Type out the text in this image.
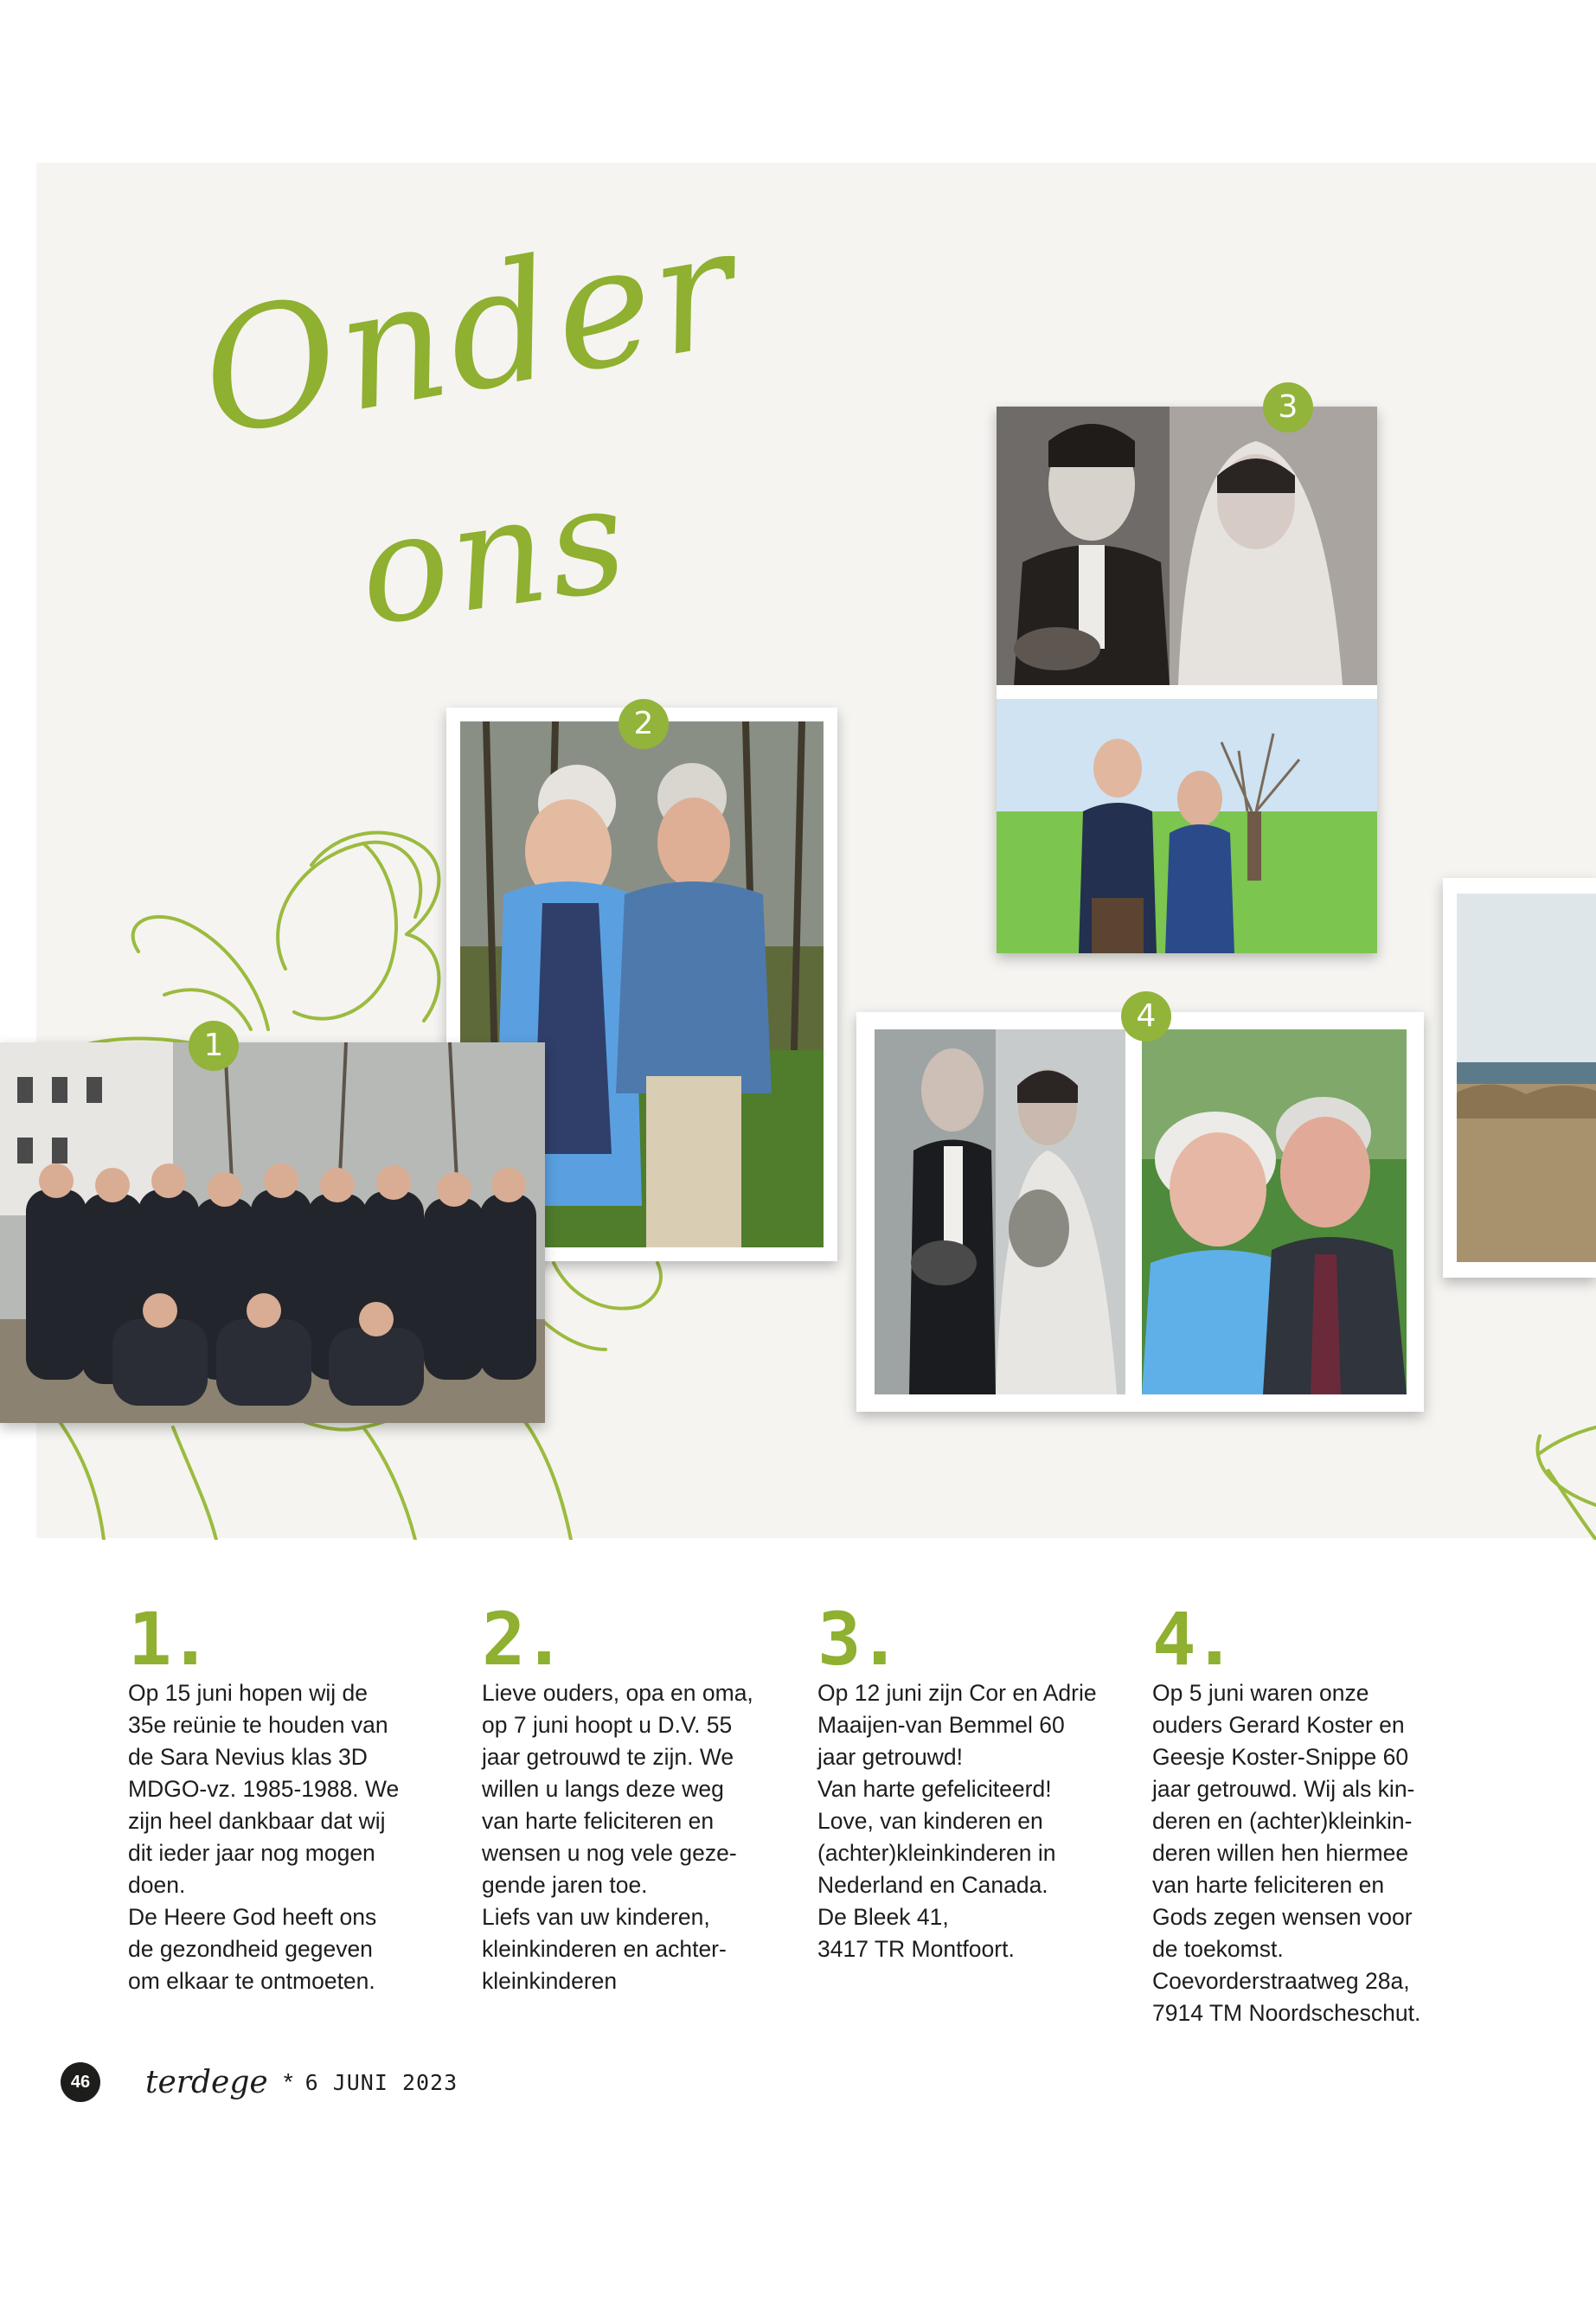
Onder
ons
2
1
3
4
1.
Op 15 juni hopen wij de
35e reünie te houden van
de Sara Nevius klas 3D
MDGO-vz. 1985-1988. We
zijn heel dankbaar dat wij
dit ieder jaar nog mogen
doen.
De Heere God heeft ons
de gezondheid gegeven
om elkaar te ontmoeten.
2.
Lieve ouders, opa en oma,
op 7 juni hoopt u D.V. 55
jaar getrouwd te zijn. We
willen u langs deze weg
van harte feliciteren en
wensen u nog vele geze-
gende jaren toe.
Liefs van uw kinderen,
kleinkinderen en achter-
kleinkinderen
3.
Op 12 juni zijn Cor en Adrie
Maaijen-van Bemmel 60
jaar getrouwd!
Van harte gefeliciteerd!
Love, van kinderen en
(achter)kleinkinderen in
Nederland en Canada.
De Bleek 41,
3417 TR Montfoort.
4.
Op 5 juni waren onze
ouders Gerard Koster en
Geesje Koster-Snippe 60
jaar getrouwd. Wij als kin-
deren en (achter)kleinkin-
deren willen hen hiermee
van harte feliciteren en
Gods zegen wensen voor
de toekomst.
Coevorderstraatweg 28a,
7914 TM Noordscheschut.
46	terdege * 6 JUNI 2023
